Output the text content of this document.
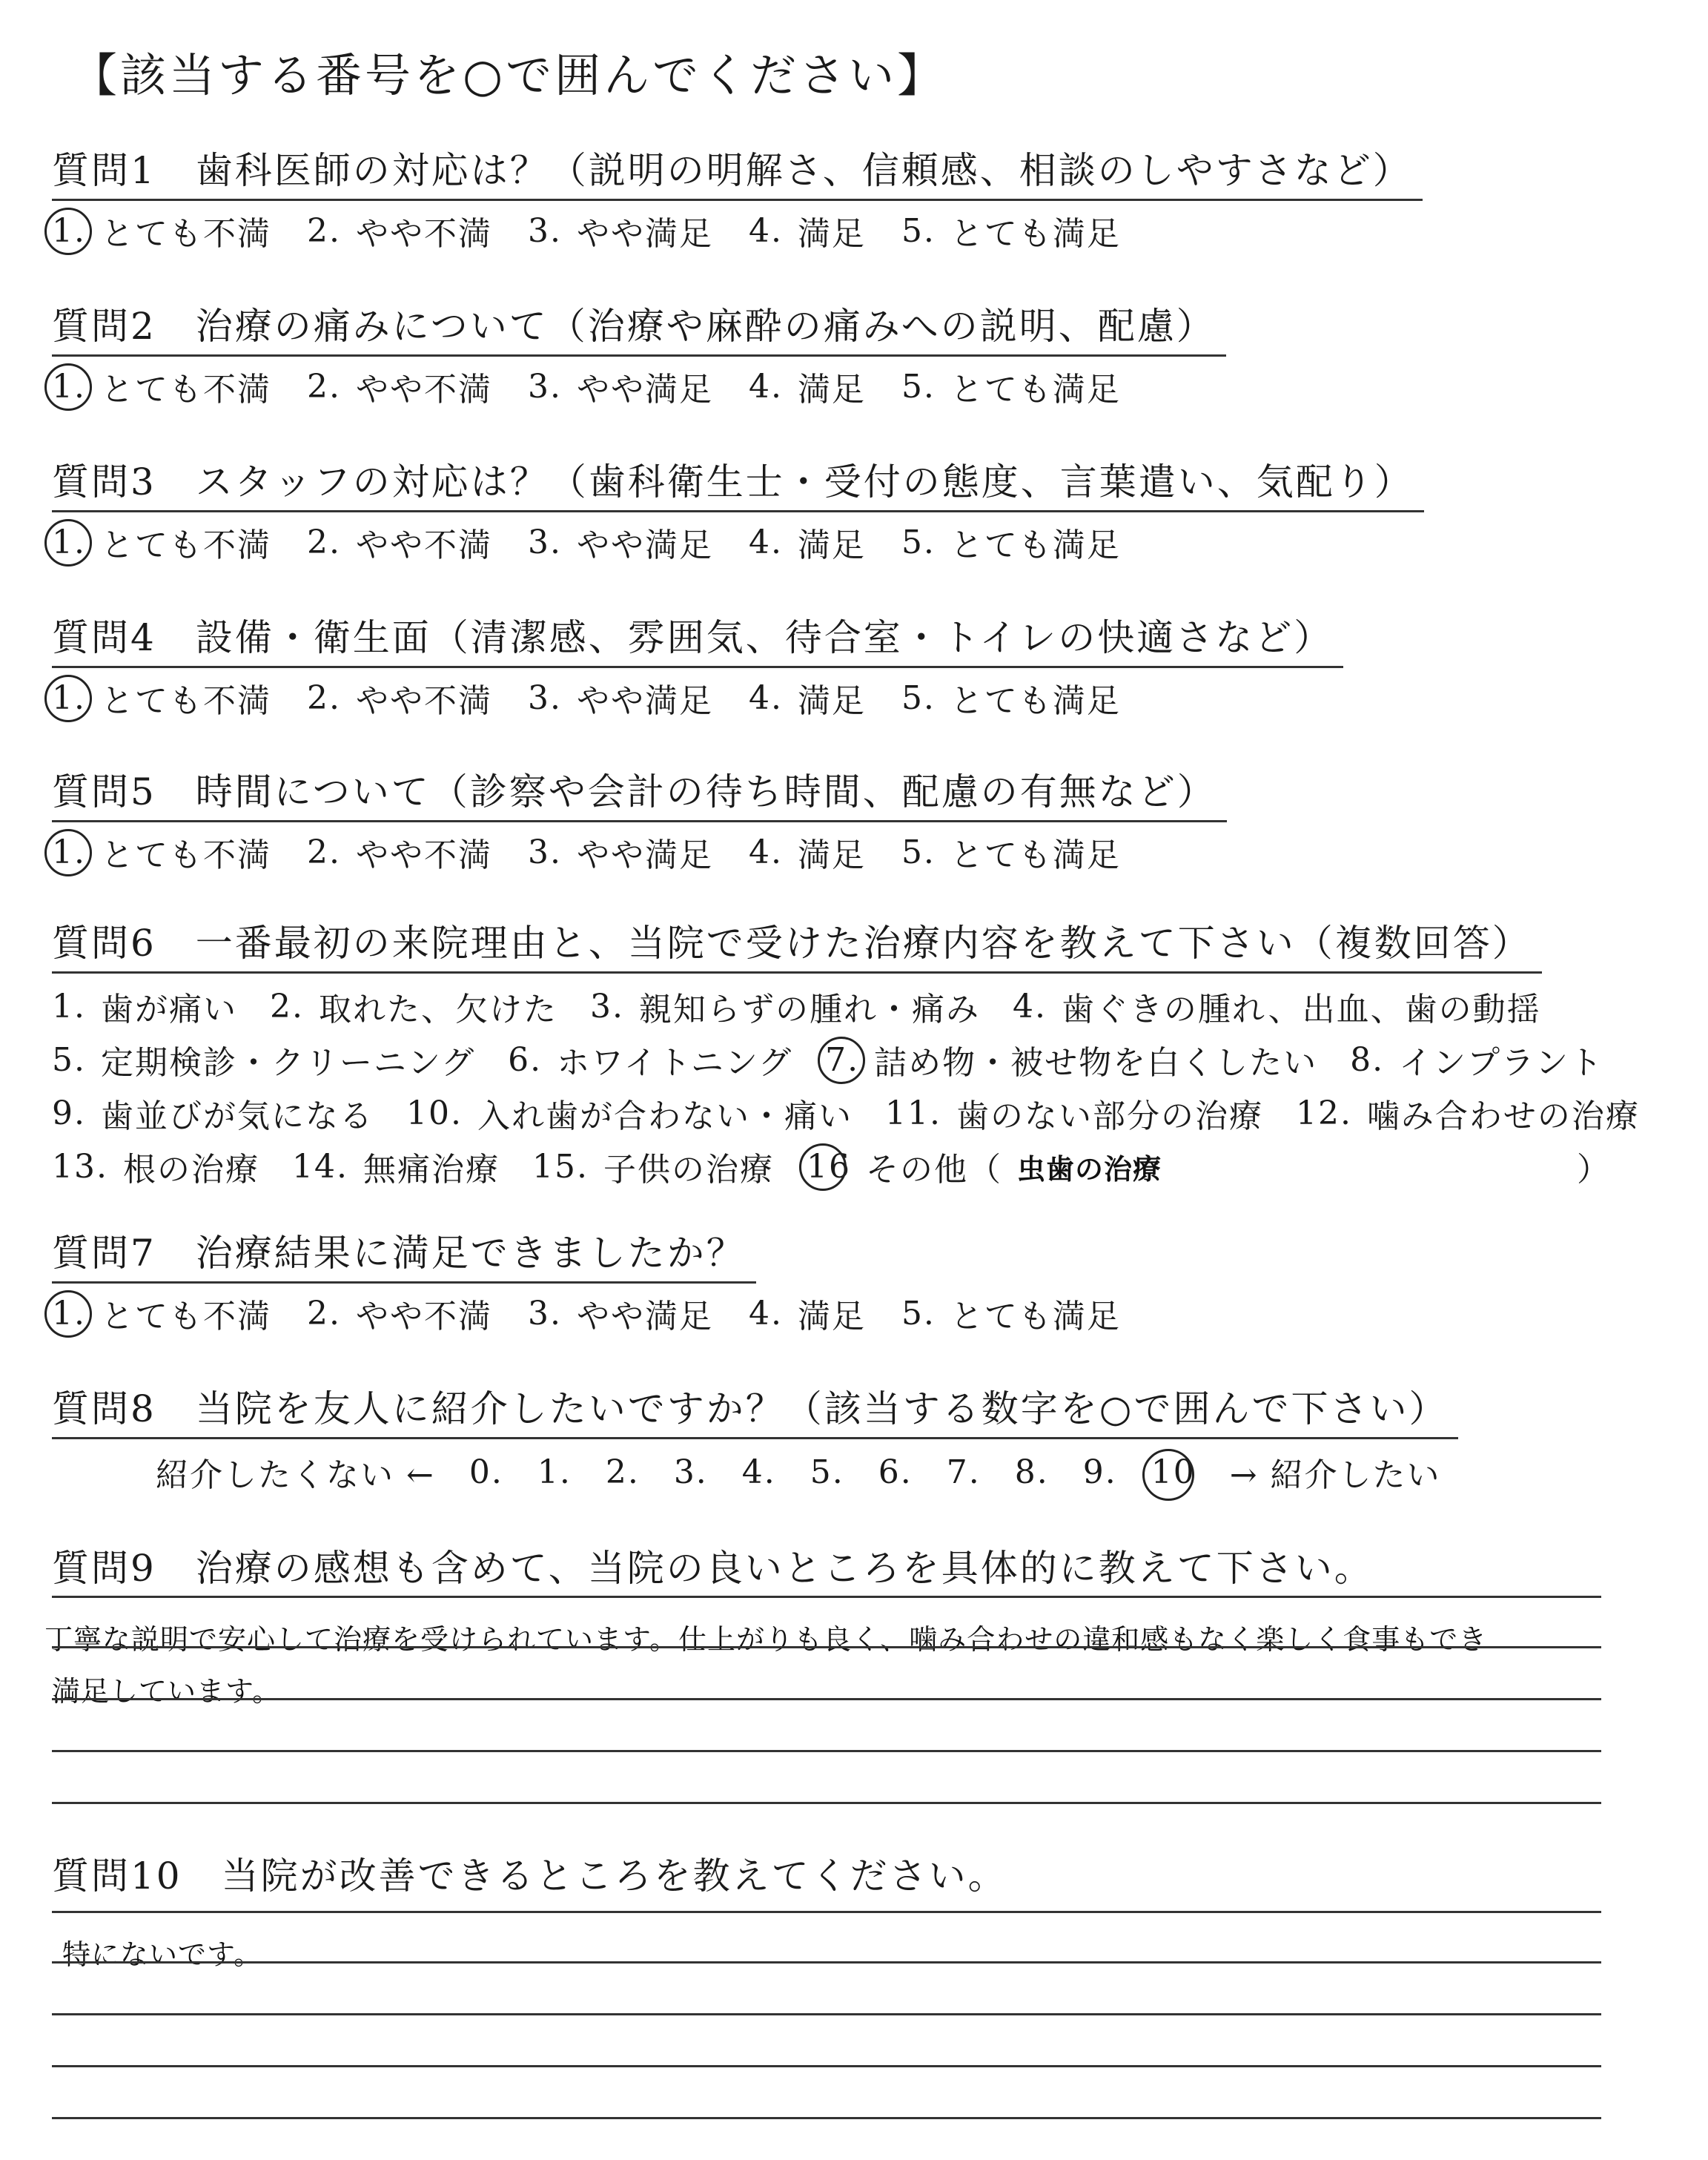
【該当する番号を○で囲んでください】
質問1　歯科医師の対応は？（説明の明解さ、信頼感、相談のしやすさなど）
1. とても不満 2. やや不満 3. やや満足 4. 満足 5. とても満足
質問2　治療の痛みについて（治療や麻酔の痛みへの説明、配慮）
1. とても不満 2. やや不満 3. やや満足 4. 満足 5. とても満足
質問3　スタッフの対応は？（歯科衛生士・受付の態度、言葉遣い、気配り）
1. とても不満 2. やや不満 3. やや満足 4. 満足 5. とても満足
質問4　設備・衛生面（清潔感、雰囲気、待合室・トイレの快適さなど）
1. とても不満 2. やや不満 3. やや満足 4. 満足 5. とても満足
質問5　時間について（診察や会計の待ち時間、配慮の有無など）
1. とても不満 2. やや不満 3. やや満足 4. 満足 5. とても満足
質問6　一番最初の来院理由と、当院で受けた治療内容を教えて下さい（複数回答）
1. 歯が痛い 2. 取れた、欠けた 3. 親知らずの腫れ・痛み 4. 歯ぐきの腫れ、出血、歯の動揺
5. 定期検診・クリーニング 6. ホワイトニング 7. 詰め物・被せ物を白くしたい 8. インプラント
9. 歯並びが気になる 10. 入れ歯が合わない・痛い 11. 歯のない部分の治療 12. 噛み合わせの治療
13. 根の治療 14. 無痛治療 15. 子供の治療 16 その他（ 虫歯の治療	）
質問7　治療結果に満足できましたか？
1. とても不満 2. やや不満 3. やや満足 4. 満足 5. とても満足
質問8　当院を友人に紹介したいですか？（該当する数字を○で囲んで下さい）
紹介したくない ← 0. 1. 2. 3. 4. 5. 6. 7. 8. 9. 10 → 紹介したい
質問9　治療の感想も含めて、当院の良いところを具体的に教えて下さい。
丁寧な説明で安心して治療を受けられています。仕上がりも良く、噛み合わせの違和感もなく楽しく食事もでき
満足しています。
質問10　当院が改善できるところを教えてください。
特にないです。
